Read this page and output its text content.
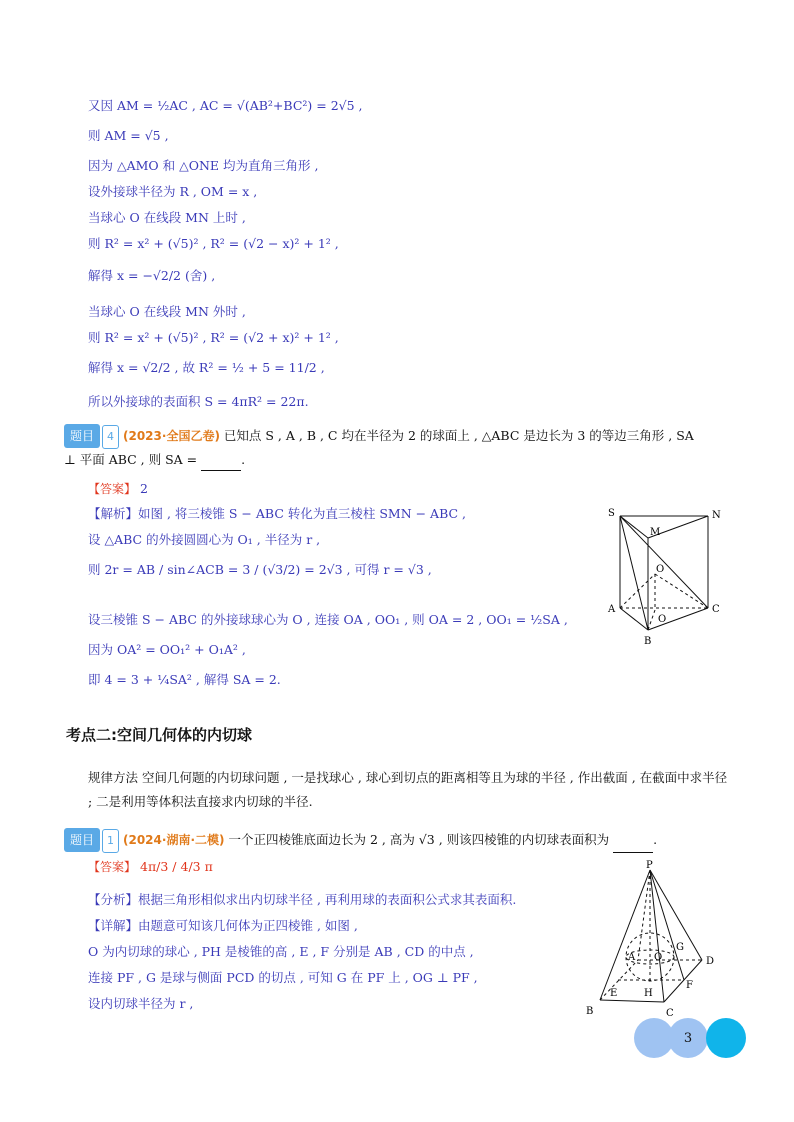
又因 AM = ½AC , AC = √(AB²+BC²) = 2√5 ,
则 AM = √5 ,
因为 △AMO 和 △ONE 均为直角三角形 ,
设外接球半径为 R , OM = x ,
当球心 O 在线段 MN 上时 ,
则 R² = x² + (√5)² , R² = (√2 − x)² + 1² ,
解得 x = −√2/2 (舍) ,
当球心 O 在线段 MN 外时 ,
则 R² = x² + (√5)² , R² = (√2 + x)² + 1² ,
解得 x = √2/2 , 故 R² = ½ + 5 = 11/2 ,
所以外接球的表面积 S = 4πR² = 22π.
题目 4 (2023·全国乙卷) 已知点 S , A , B , C 均在半径为 2 的球面上 , △ABC 是边长为 3 的等边三角形 , SA
⊥ 平面 ABC , 则 SA =	.
【答案】 2
【解析】如图 , 将三棱锥 S − ABC 转化为直三棱柱 SMN − ABC ,
设 △ABC 的外接圆圆心为 O₁ , 半径为 r ,
则 2r = AB / sin∠ACB = 3 / (√3/2) = 2√3 , 可得 r = √3 ,
设三棱锥 S − ABC 的外接球球心为 O , 连接 OA , OO₁ , 则 OA = 2 , OO₁ = ½SA ,
因为 OA² = OO₁² + O₁A² ,
即 4 = 3 + ¼SA² , 解得 SA = 2.
S	N
M
O
A	C
O
B
考点二:空间几何体的内切球
规律方法 空间几何题的内切球问题 , 一是找球心 , 球心到切点的距离相等且为球的半径 , 作出截面 , 在截面中求半径 ; 二是利用等体积法直接求内切球的半径.
题目 1 (2024·湖南·二模) 一个正四棱锥底面边长为 2 , 高为 √3 , 则该四棱锥的内切球表面积为	.
【答案】 4π/3 / 4/3 π
【分析】根据三角形相似求出内切球半径 , 再利用球的表面积公式求其表面积.
【详解】由题意可知该几何体为正四棱锥 , 如图 ,
O 为内切球的球心 , PH 是棱锥的高 , E , F 分别是 AB , CD 的中点 ,
连接 PF , G 是球与侧面 PCD 的切点 , 可知 G 在 PF 上 , OG ⊥ PF ,
设内切球半径为 r ,
P
G
O
A	D
F
E	H
B	C
3
